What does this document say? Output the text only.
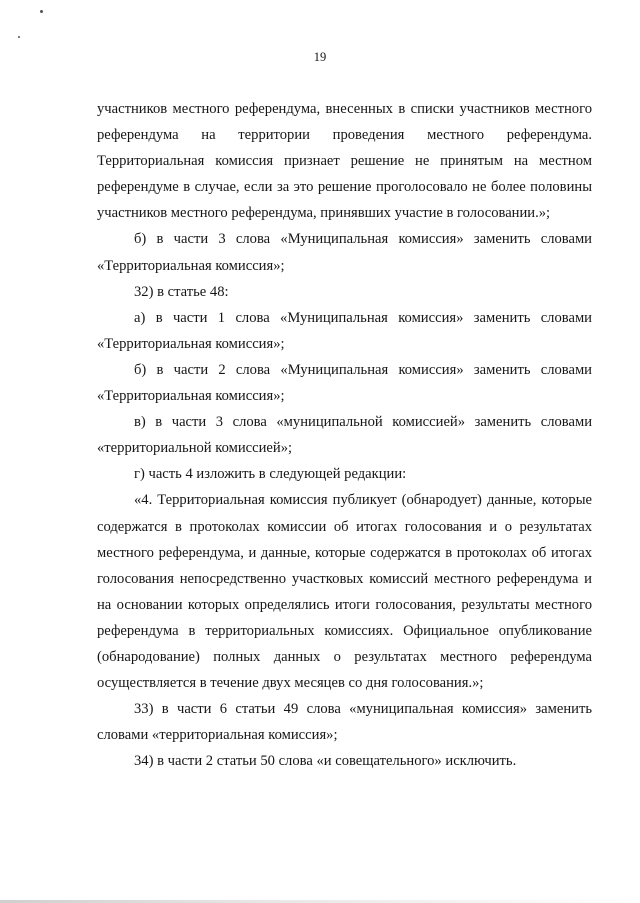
19

участников местного референдума, внесенных в списки участников местного референдума на территории проведения местного референдума. Территориальная комиссия признает решение не принятым на местном референдуме в случае, если за это решение проголосовало не более половины участников местного референдума, принявших участие в голосовании.»;

б) в части 3 слова «Муниципальная комиссия» заменить словами «Территориальная комиссия»;

32) в статье 48:

а) в части 1 слова «Муниципальная комиссия» заменить словами «Территориальная комиссия»;

б) в части 2 слова «Муниципальная комиссия» заменить словами «Территориальная комиссия»;

в) в части 3 слова «муниципальной комиссией» заменить словами «территориальной комиссией»;

г) часть 4 изложить в следующей редакции:

«4. Территориальная комиссия публикует (обнародует) данные, которые содержатся в протоколах комиссии об итогах голосования и о результатах местного референдума, и данные, которые содержатся в протоколах об итогах голосования непосредственно участковых комиссий местного референдума и на основании которых определялись итоги голосования, результаты местного референдума в территориальных комиссиях. Официальное опубликование (обнародование) полных данных о результатах местного референдума осуществляется в течение двух месяцев со дня голосования.»;

33) в части 6 статьи 49 слова «муниципальная комиссия» заменить словами «территориальная комиссия»;

34) в части 2 статьи 50 слова «и совещательного» исключить.
